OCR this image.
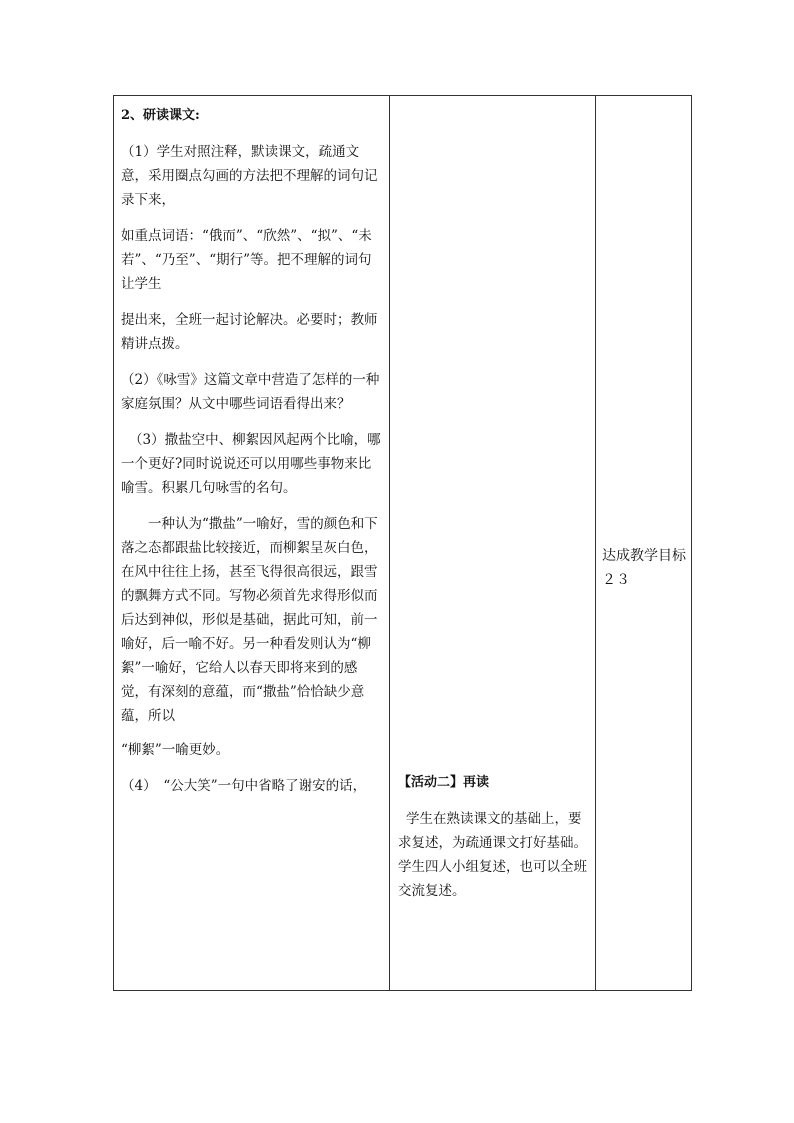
2、研读课文:

（1）学生对照注释，默读课文，疏通文意，采用圈点勾画的方法把不理解的词句记录下来，

如重点词语：“俄而”、“欣然”、“拟”、“未若”、“乃至”、“期行”等。把不理解的词句让学生

提出来，全班一起讨论解决。必要时；教师精讲点拨。

（2）《咏雪》这篇文章中营造了怎样的一种家庭氛围？从文中哪些词语看得出来？

（3）撒盐空中、柳絮因风起两个比喻，哪一个更好?同时说说还可以用哪些事物来比喻雪。积累几句咏雪的名句。

一种认为“撒盐”一喻好，雪的颜色和下落之态都跟盐比较接近，而柳絮呈灰白色，在风中往往上扬，甚至飞得很高很远，跟雪的飘舞方式不同。写物必须首先求得形似而后达到神似，形似是基础，据此可知，前一喻好，后一喻不好。另一种看发则认为“柳絮”一喻好，它给人以春天即将来到的感觉，有深刻的意蕴，而“撒盐”恰恰缺少意蕴，所以

“柳絮”一喻更妙。

（4）　“公大笑”一句中省略了谢安的话，	【活动二】再读

学生在熟读课文的基础上，要求复述，为疏通课文打好基础。学生四人小组复述，也可以全班交流复述。

达成教学目标２３
